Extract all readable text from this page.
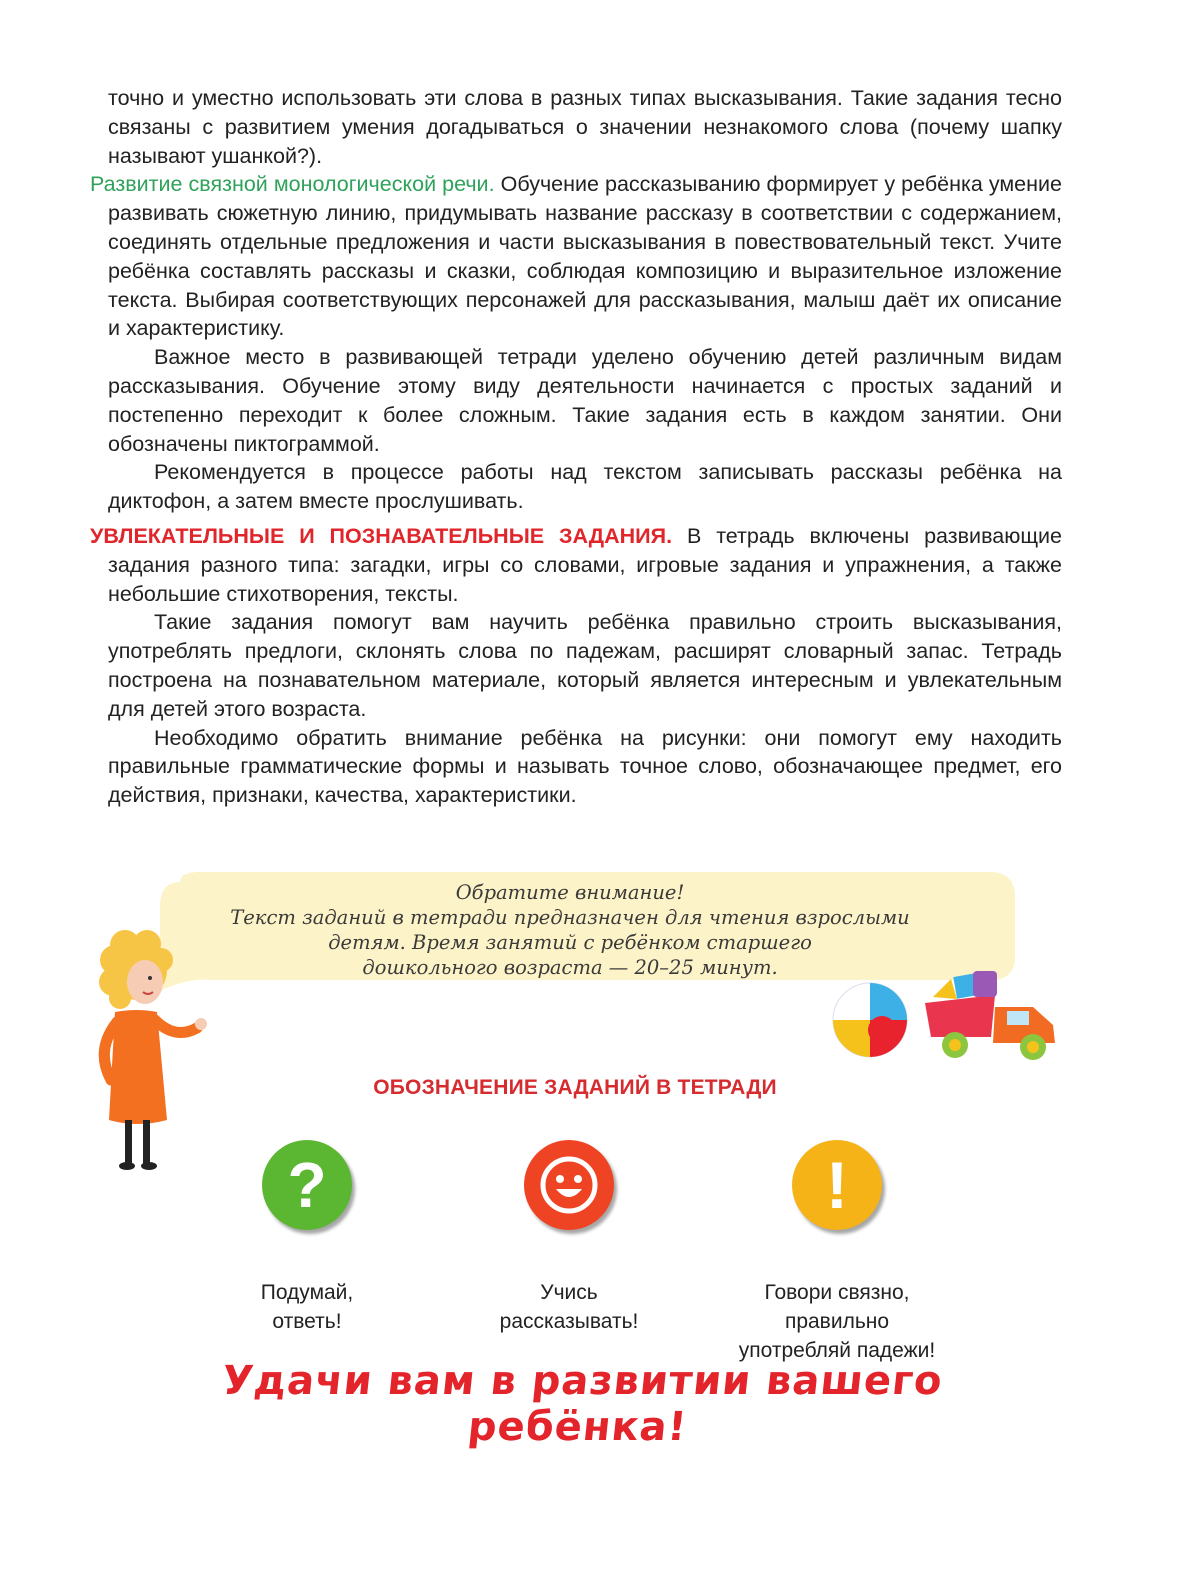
точно и уместно использовать эти слова в разных типах высказывания. Такие задания тесно связаны с развитием умения догадываться о значении незнакомого слова (почему шапку называют ушанкой?).

Развитие связной монологической речи. Обучение рассказыванию формирует у ребёнка умение развивать сюжетную линию, придумывать название рассказу в соответствии с содержанием, соединять отдельные предложения и части высказывания в повествовательный текст. Учите ребёнка составлять рассказы и сказки, соблюдая композицию и выразительное изложение текста. Выбирая соответствующих персонажей для рассказывания, малыш даёт их описание и характеристику.

Важное место в развивающей тетради уделено обучению детей различным видам рассказывания. Обучение этому виду деятельности начинается с простых заданий и постепенно переходит к более сложным. Такие задания есть в каждом занятии. Они обозначены пиктограммой.

Рекомендуется в процессе работы над текстом записывать рассказы ребёнка на диктофон, а затем вместе прослушивать.

УВЛЕКАТЕЛЬНЫЕ И ПОЗНАВАТЕЛЬНЫЕ ЗАДАНИЯ. В тетрадь включены развивающие задания разного типа: загадки, игры со словами, игровые задания и упражнения, а также небольшие стихотворения, тексты.

Такие задания помогут вам научить ребёнка правильно строить высказывания, употреблять предлоги, склонять слова по падежам, расширят словарный запас. Тетрадь построена на познавательном материале, который является интересным и увлекательным для детей этого возраста.

Необходимо обратить внимание ребёнка на рисунки: они помогут ему находить правильные грамматические формы и называть точное слово, обозначающее предмет, его действия, признаки, качества, характеристики.

Обратите внимание!
Текст заданий в тетради предназначен для чтения взрослыми
детям. Время занятий с ребёнком старшего
дошкольного возраста — 20–25 минут.
ОБОЗНАЧЕНИЕ ЗАДАНИЙ В ТЕТРАДИ
?
Подумай,
ответь!
Учись
рассказывать!
!
Говори связно,
правильно
употребляй падежи!
Удачи вам в развитии вашего ребёнка!
